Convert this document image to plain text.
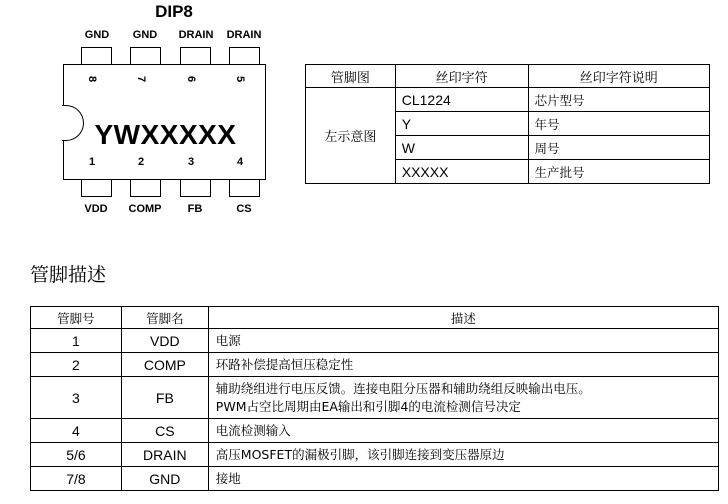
DIP8
GND	GND	DRAIN	DRAIN
8	7	6	5
YWXXXXX
1	2	3	4
VDD	COMP	FB	CS
管脚图	丝印字符	丝印字符说明
左示意图	CL1224	芯片型号
	Y	年号
	W	周号
	XXXXX	生产批号
管脚描述
管脚号	管脚名	描述
1	VDD	电源

2	COMP	环路补偿提高恒压稳定性

3	FB	辅助绕组进行电压反馈。连接电阻分压器和辅助绕组反映输出电压。
PWM占空比周期由EA输出和引脚4的电流检测信号决定

4	CS	电流检测输入

5/6	DRAIN	高压MOSFET的漏极引脚，该引脚连接到变压器原边

7/8	GND	接地
